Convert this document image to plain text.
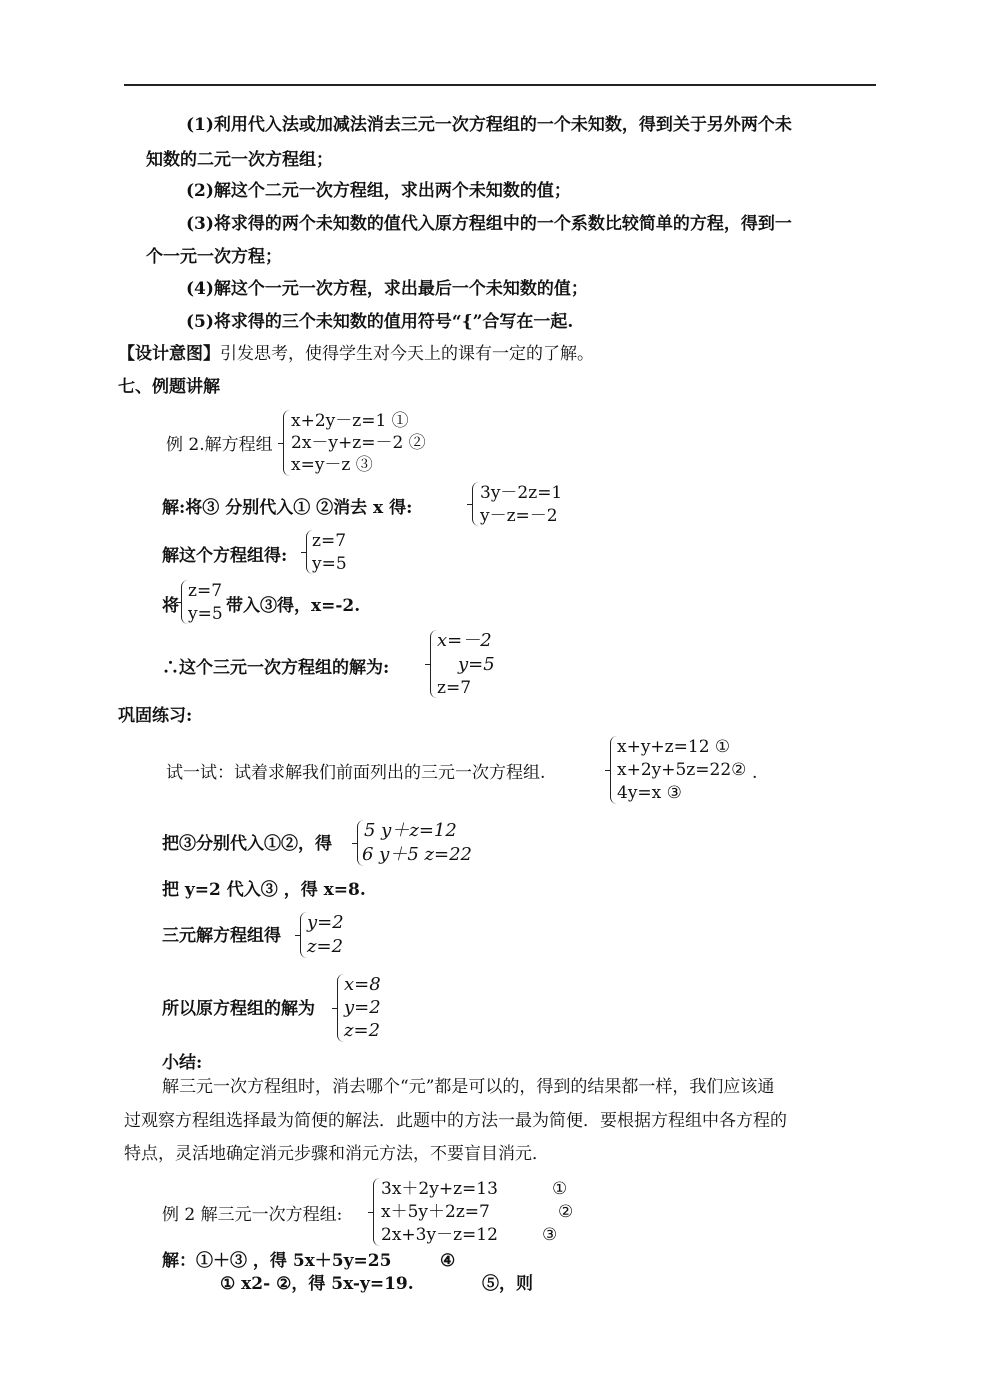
(1)利用代入法或加减法消去三元一次方程组的一个未知数，得到关于另外两个未
知数的二元一次方程组；
(2)解这个二元一次方程组，求出两个未知数的值；
(3)将求得的两个未知数的值代入原方程组中的一个系数比较简单的方程，得到一
个一元一次方程；
(4)解这个一元一次方程，求出最后一个未知数的值；
(5)将求得的三个未知数的值用符号“{”合写在一起.
【设计意图】引发思考，使得学生对今天上的课有一定的了解。
七、例题讲解
例 2.解方程组
x+2y－z=1 ①
2x－y+z=－2 ②
x=y－z ③
解:将③ 分别代入① ②消去 x 得:
3y－2z=1
y－z=－2
解这个方程组得:
z=7
y=5
将
z=7
y=5 带入③得，x=-2.
∴这个三元一次方程组的解为:
x=－2
y=5
z=7
巩固练习:
试一试：试着求解我们前面列出的三元一次方程组.
x+y+z=12 ①
x+2y+5z=22②
4y=x ③
.
把③分别代入①②，得
5 y＋z=12
6 y＋5 z=22
把 y=2 代入③ ，得 x=8.
三元解方程组得
y=2
z=2
所以原方程组的解为
x=8
y=2
z=2
小结:
解三元一次方程组时，消去哪个“元”都是可以的，得到的结果都一样，我们应该通
过观察方程组选择最为简便的解法．此题中的方法一最为简便．要根据方程组中各方程的
特点，灵活地确定消元步骤和消元方法，不要盲目消元．
例 2 解三元一次方程组:
3x＋2y+z=13
x＋5y＋2z=7
2x+3y－z=12
①
②
③
解：①＋③ ，得 5x＋5y=25	④
① x2- ②，得 5x-y=19.	⑤，则
